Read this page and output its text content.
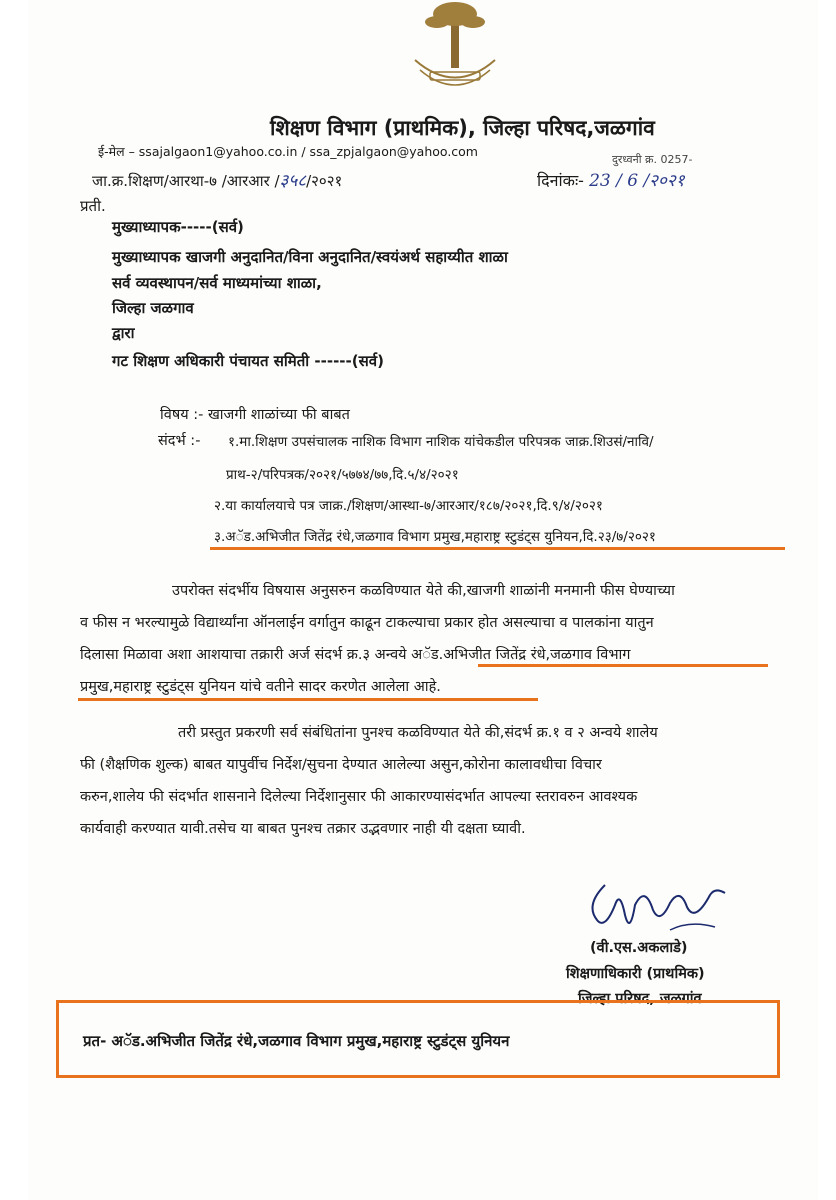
शिक्षण विभाग (प्राथमिक), जिल्हा परिषद,जळगांव
ई-मेल – ssajalgaon1@yahoo.co.in / ssa_zpjalgaon@yahoo.com
दुरध्वनी क्र. 0257-
जा.क्र.शिक्षण/आरथा-७ /आरआर /३५८/२०२१	दिनांकः- 23 / 6 /२०२१
प्रती.
मुख्याध्यापक-----(सर्व)
मुख्याध्यापक खाजगी अनुदानित/विना अनुदानित/स्वयंअर्थ सहाय्यीत शाळा
सर्व व्यवस्थापन/सर्व माध्यमांच्या शाळा,
जिल्हा जळगाव
द्वारा
गट शिक्षण अधिकारी पंचायत समिती ------(सर्व)
विषय :- खाजगी शाळांच्या फी बाबत
संदर्भ :- १.मा.शिक्षण उपसंचालक नाशिक विभाग नाशिक यांचेकडील परिपत्रक जाक्र.शिउसं/नावि/
प्राथ-२/परिपत्रक/२०२१/५७७४/७७,दि.५/४/२०२१
२.या कार्यालयाचे पत्र जाक्र./शिक्षण/आस्था-७/आरआर/१८७/२०२१,दि.९/४/२०२१
३.अॅड.अभिजीत जितेंद्र रंधे,जळगाव विभाग प्रमुख,महाराष्ट्र स्टुडंट्स युनियन,दि.२३/७/२०२१
उपरोक्त संदर्भीय विषयास अनुसरुन कळविण्यात येते की,खाजगी शाळांनी मनमानी फीस घेण्याच्या
व फीस न भरल्यामुळे विद्यार्थ्यांना ऑनलाईन वर्गातुन काढून टाकल्याचा प्रकार होत असल्याचा व पालकांना यातुन
दिलासा मिळावा अशा आशयाचा तक्रारी अर्ज संदर्भ क्र.३ अन्वये अॅड.अभिजीत जितेंद्र रंधे,जळगाव विभाग
प्रमुख,महाराष्ट्र स्टुडंट्स युनियन यांचे वतीने सादर करणेत आलेला आहे.
तरी प्रस्तुत प्रकरणी सर्व संबंधितांना पुनश्च कळविण्यात येते की,संदर्भ क्र.१ व २ अन्वये शालेय
फी (शैक्षणिक शुल्क) बाबत यापुर्वीच निर्देश/सुचना देण्यात आलेल्या असुन,कोरोना कालावधीचा विचार
करुन,शालेय फी संदर्भात शासनाने दिलेल्या निर्देशानुसार फी आकारण्यासंदर्भात आपल्या स्तरावरुन आवश्यक
कार्यवाही करण्यात यावी.तसेच या बाबत पुनश्च तक्रार उद्भवणार नाही यी दक्षता घ्यावी.
(वी.एस.अकलाडे)
शिक्षणाधिकारी (प्राथमिक)
जिल्हा परिषद, जळगांव
प्रत- अॅड.अभिजीत जितेंद्र रंधे,जळगाव विभाग प्रमुख,महाराष्ट्र स्टुडंट्स युनियन
